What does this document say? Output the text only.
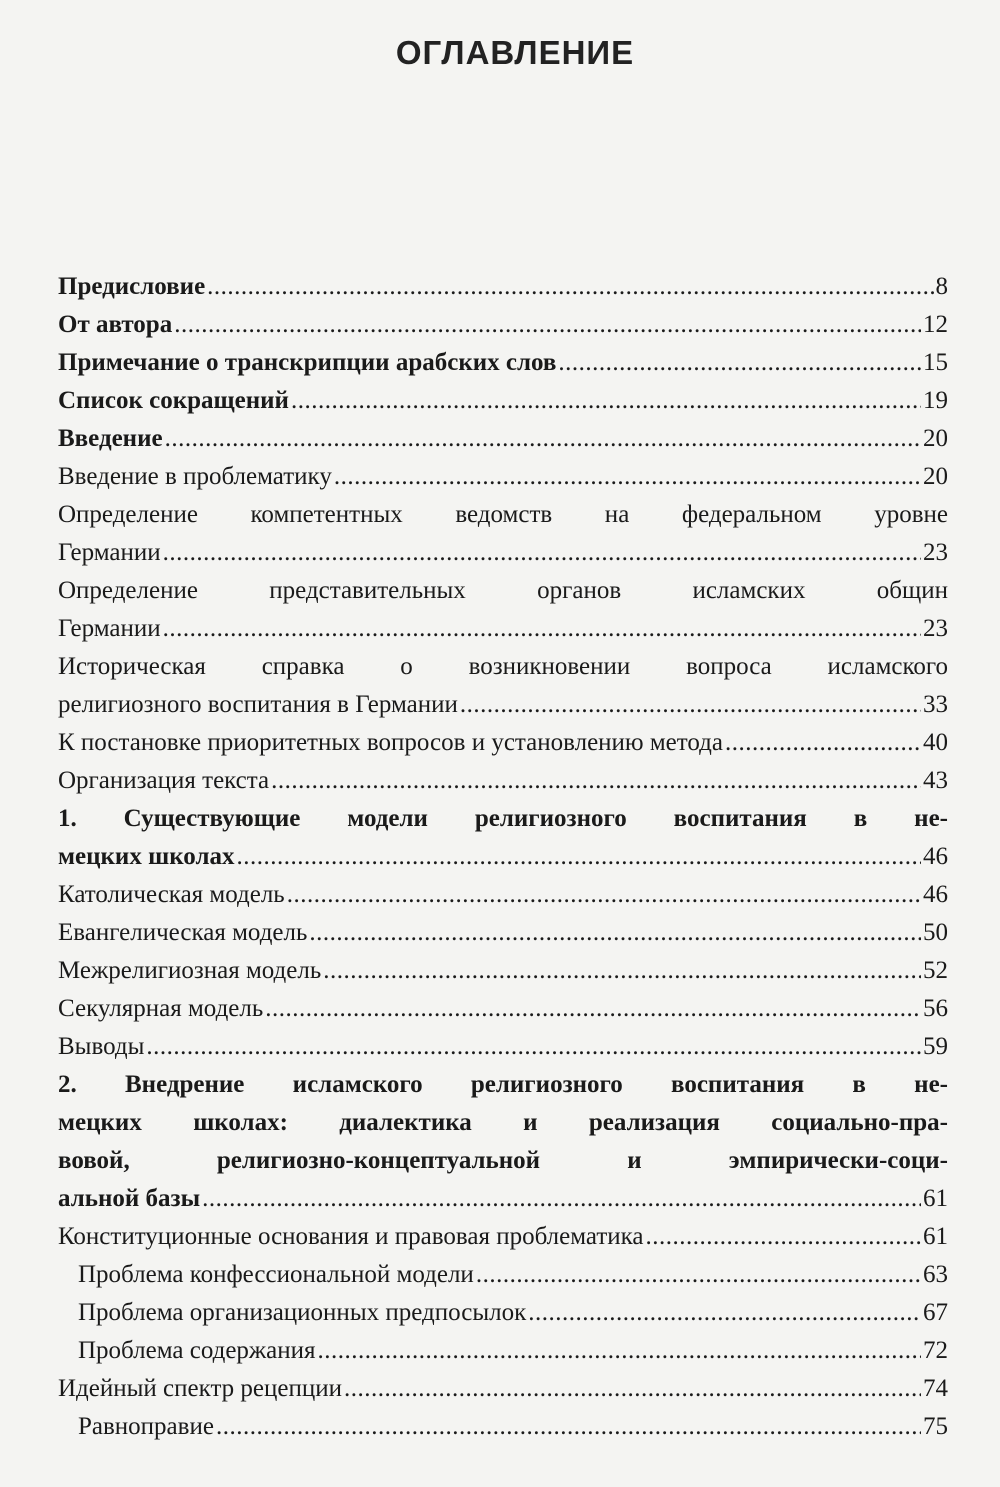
ОГЛАВЛЕНИЕ
Предисловие .....	8
От автора .....	12
Примечание о транскрипции арабских слов .....	15
Список сокращений .....	19
Введение .....	20
Введение в проблематику .....	20
Определение компетентных ведомств на федеральном уровне
Германии .....	23
Определение представительных органов исламских общин
Германии .....	23
Историческая справка о возникновении вопроса исламского
религиозного воспитания в Германии .....	33
К постановке приоритетных вопросов и установлению метода .....	40
Организация текста .....	43
1. Существующие модели религиозного воспитания в не-
мецких школах .....	46
Католическая модель .....	46
Евангелическая модель .....	50
Межрелигиозная модель .....	52
Секулярная модель .....	56
Выводы .....	59
2. Внедрение исламского религиозного воспитания в не-
мецких школах: диалектика и реализация социально-пра-
вовой, религиозно-концептуальной и эмпирически-соци-
альной базы .....	61
Конституционные основания и правовая проблематика .....	61
Проблема конфессиональной модели .....	63
Проблема организационных предпосылок .....	67
Проблема содержания .....	72
Идейный спектр рецепции .....	74
Равноправие .....	75
